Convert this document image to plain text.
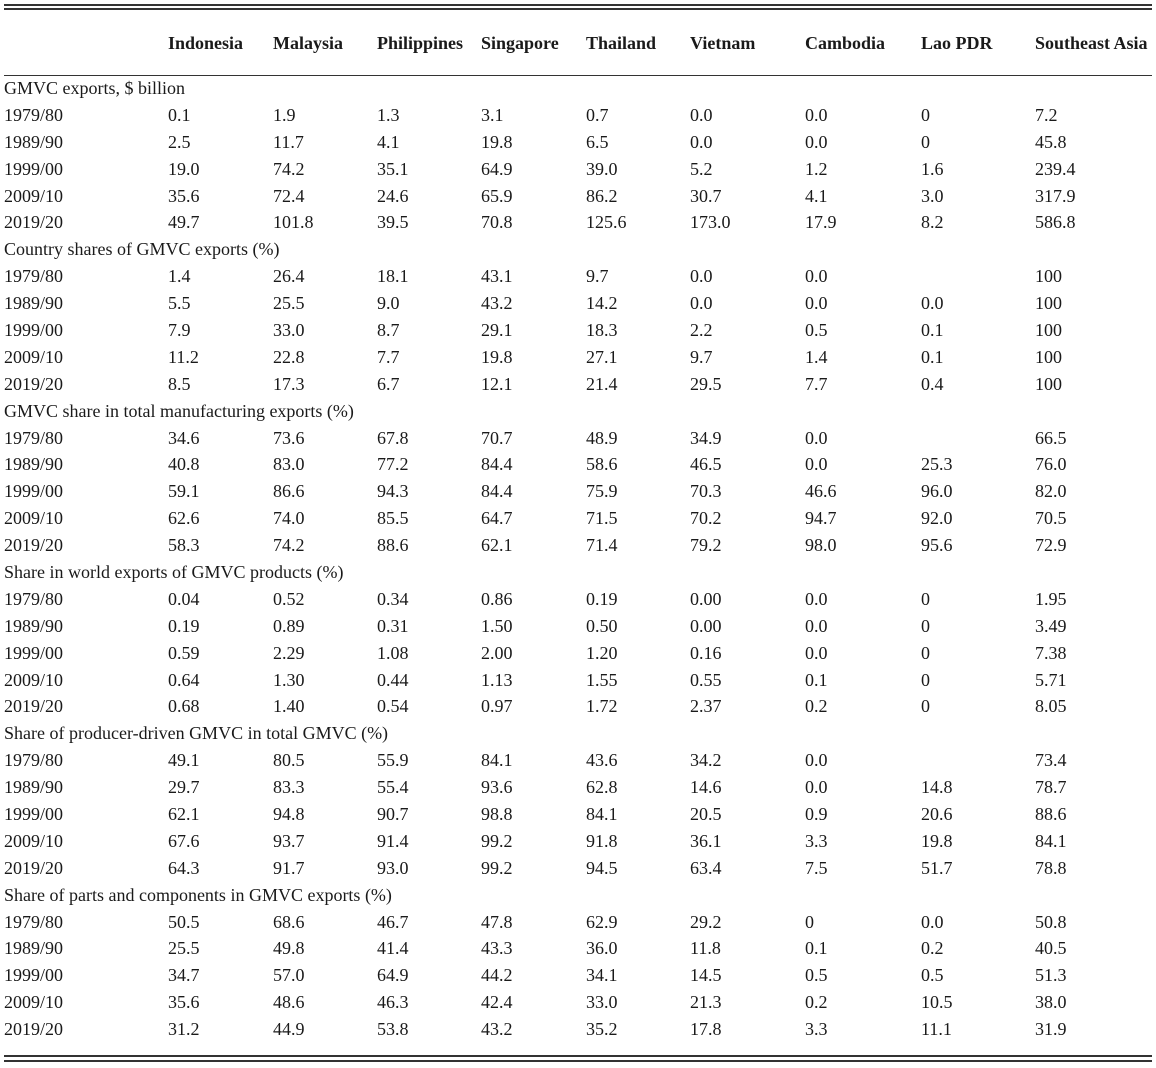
	Indonesia	Malaysia	Philippines	Singapore	Thailand	Vietnam	Cambodia	Lao PDR	Southeast Asia
GMVC exports, $ billion									
1979/80	0.1	1.9	1.3	3.1	0.7	0.0	0.0	0	7.2
1989/90	2.5	11.7	4.1	19.8	6.5	0.0	0.0	0	45.8
1999/00	19.0	74.2	35.1	64.9	39.0	5.2	1.2	1.6	239.4
2009/10	35.6	72.4	24.6	65.9	86.2	30.7	4.1	3.0	317.9
2019/20	49.7	101.8	39.5	70.8	125.6	173.0	17.9	8.2	586.8
Country shares of GMVC exports (%)									
1979/80	1.4	26.4	18.1	43.1	9.7	0.0	0.0		100
1989/90	5.5	25.5	9.0	43.2	14.2	0.0	0.0	0.0	100
1999/00	7.9	33.0	8.7	29.1	18.3	2.2	0.5	0.1	100
2009/10	11.2	22.8	7.7	19.8	27.1	9.7	1.4	0.1	100
2019/20	8.5	17.3	6.7	12.1	21.4	29.5	7.7	0.4	100
GMVC share in total manufacturing exports (%)									
1979/80	34.6	73.6	67.8	70.7	48.9	34.9	0.0		66.5
1989/90	40.8	83.0	77.2	84.4	58.6	46.5	0.0	25.3	76.0
1999/00	59.1	86.6	94.3	84.4	75.9	70.3	46.6	96.0	82.0
2009/10	62.6	74.0	85.5	64.7	71.5	70.2	94.7	92.0	70.5
2019/20	58.3	74.2	88.6	62.1	71.4	79.2	98.0	95.6	72.9
Share in world exports of GMVC products (%)									
1979/80	0.04	0.52	0.34	0.86	0.19	0.00	0.0	0	1.95
1989/90	0.19	0.89	0.31	1.50	0.50	0.00	0.0	0	3.49
1999/00	0.59	2.29	1.08	2.00	1.20	0.16	0.0	0	7.38
2009/10	0.64	1.30	0.44	1.13	1.55	0.55	0.1	0	5.71
2019/20	0.68	1.40	0.54	0.97	1.72	2.37	0.2	0	8.05
Share of producer-driven GMVC in total GMVC (%)									
1979/80	49.1	80.5	55.9	84.1	43.6	34.2	0.0		73.4
1989/90	29.7	83.3	55.4	93.6	62.8	14.6	0.0	14.8	78.7
1999/00	62.1	94.8	90.7	98.8	84.1	20.5	0.9	20.6	88.6
2009/10	67.6	93.7	91.4	99.2	91.8	36.1	3.3	19.8	84.1
2019/20	64.3	91.7	93.0	99.2	94.5	63.4	7.5	51.7	78.8
Share of parts and components in GMVC exports (%)									
1979/80	50.5	68.6	46.7	47.8	62.9	29.2	0	0.0	50.8
1989/90	25.5	49.8	41.4	43.3	36.0	11.8	0.1	0.2	40.5
1999/00	34.7	57.0	64.9	44.2	34.1	14.5	0.5	0.5	51.3
2009/10	35.6	48.6	46.3	42.4	33.0	21.3	0.2	10.5	38.0
2019/20	31.2	44.9	53.8	43.2	35.2	17.8	3.3	11.1	31.9
